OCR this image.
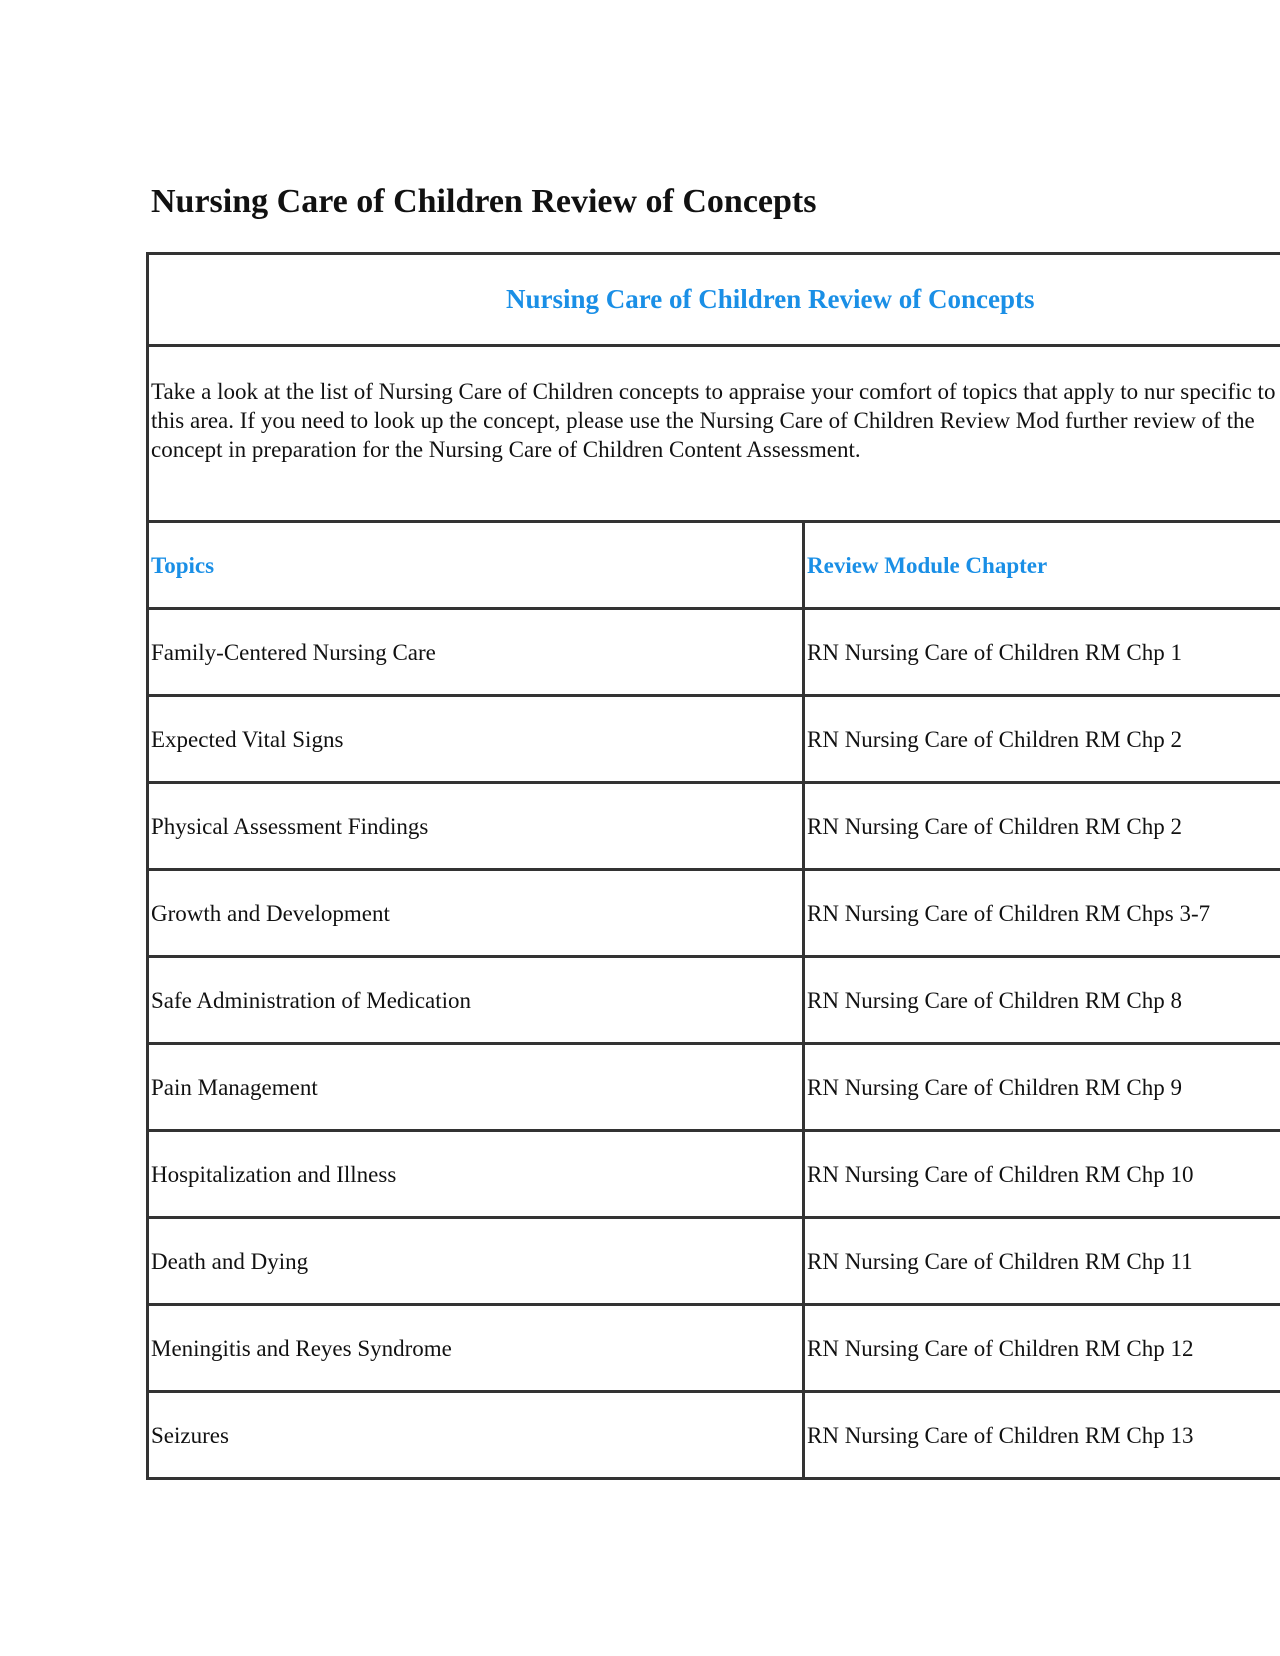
Nursing Care of Children Review of Concepts
Nursing Care of Children Review of Concepts	

Take a look at the list of Nursing Care of Children concepts to appraise your comfort of topics that apply to nur specific to this area. If you need to look up the concept, please use the Nursing Care of Children Review Mod further review of the concept in preparation for the Nursing Care of Children Content Assessment.	

Topics	Review Module Chapter
Family-Centered Nursing Care	RN Nursing Care of Children RM Chp 1
Expected Vital Signs	RN Nursing Care of Children RM Chp 2
Physical Assessment Findings	RN Nursing Care of Children RM Chp 2
Growth and Development	RN Nursing Care of Children RM Chps 3-7
Safe Administration of Medication	RN Nursing Care of Children RM Chp 8
Pain Management	RN Nursing Care of Children RM Chp 9
Hospitalization and Illness	RN Nursing Care of Children RM Chp 10
Death and Dying	RN Nursing Care of Children RM Chp 11
Meningitis and Reyes Syndrome	RN Nursing Care of Children RM Chp 12
Seizures	RN Nursing Care of Children RM Chp 13
